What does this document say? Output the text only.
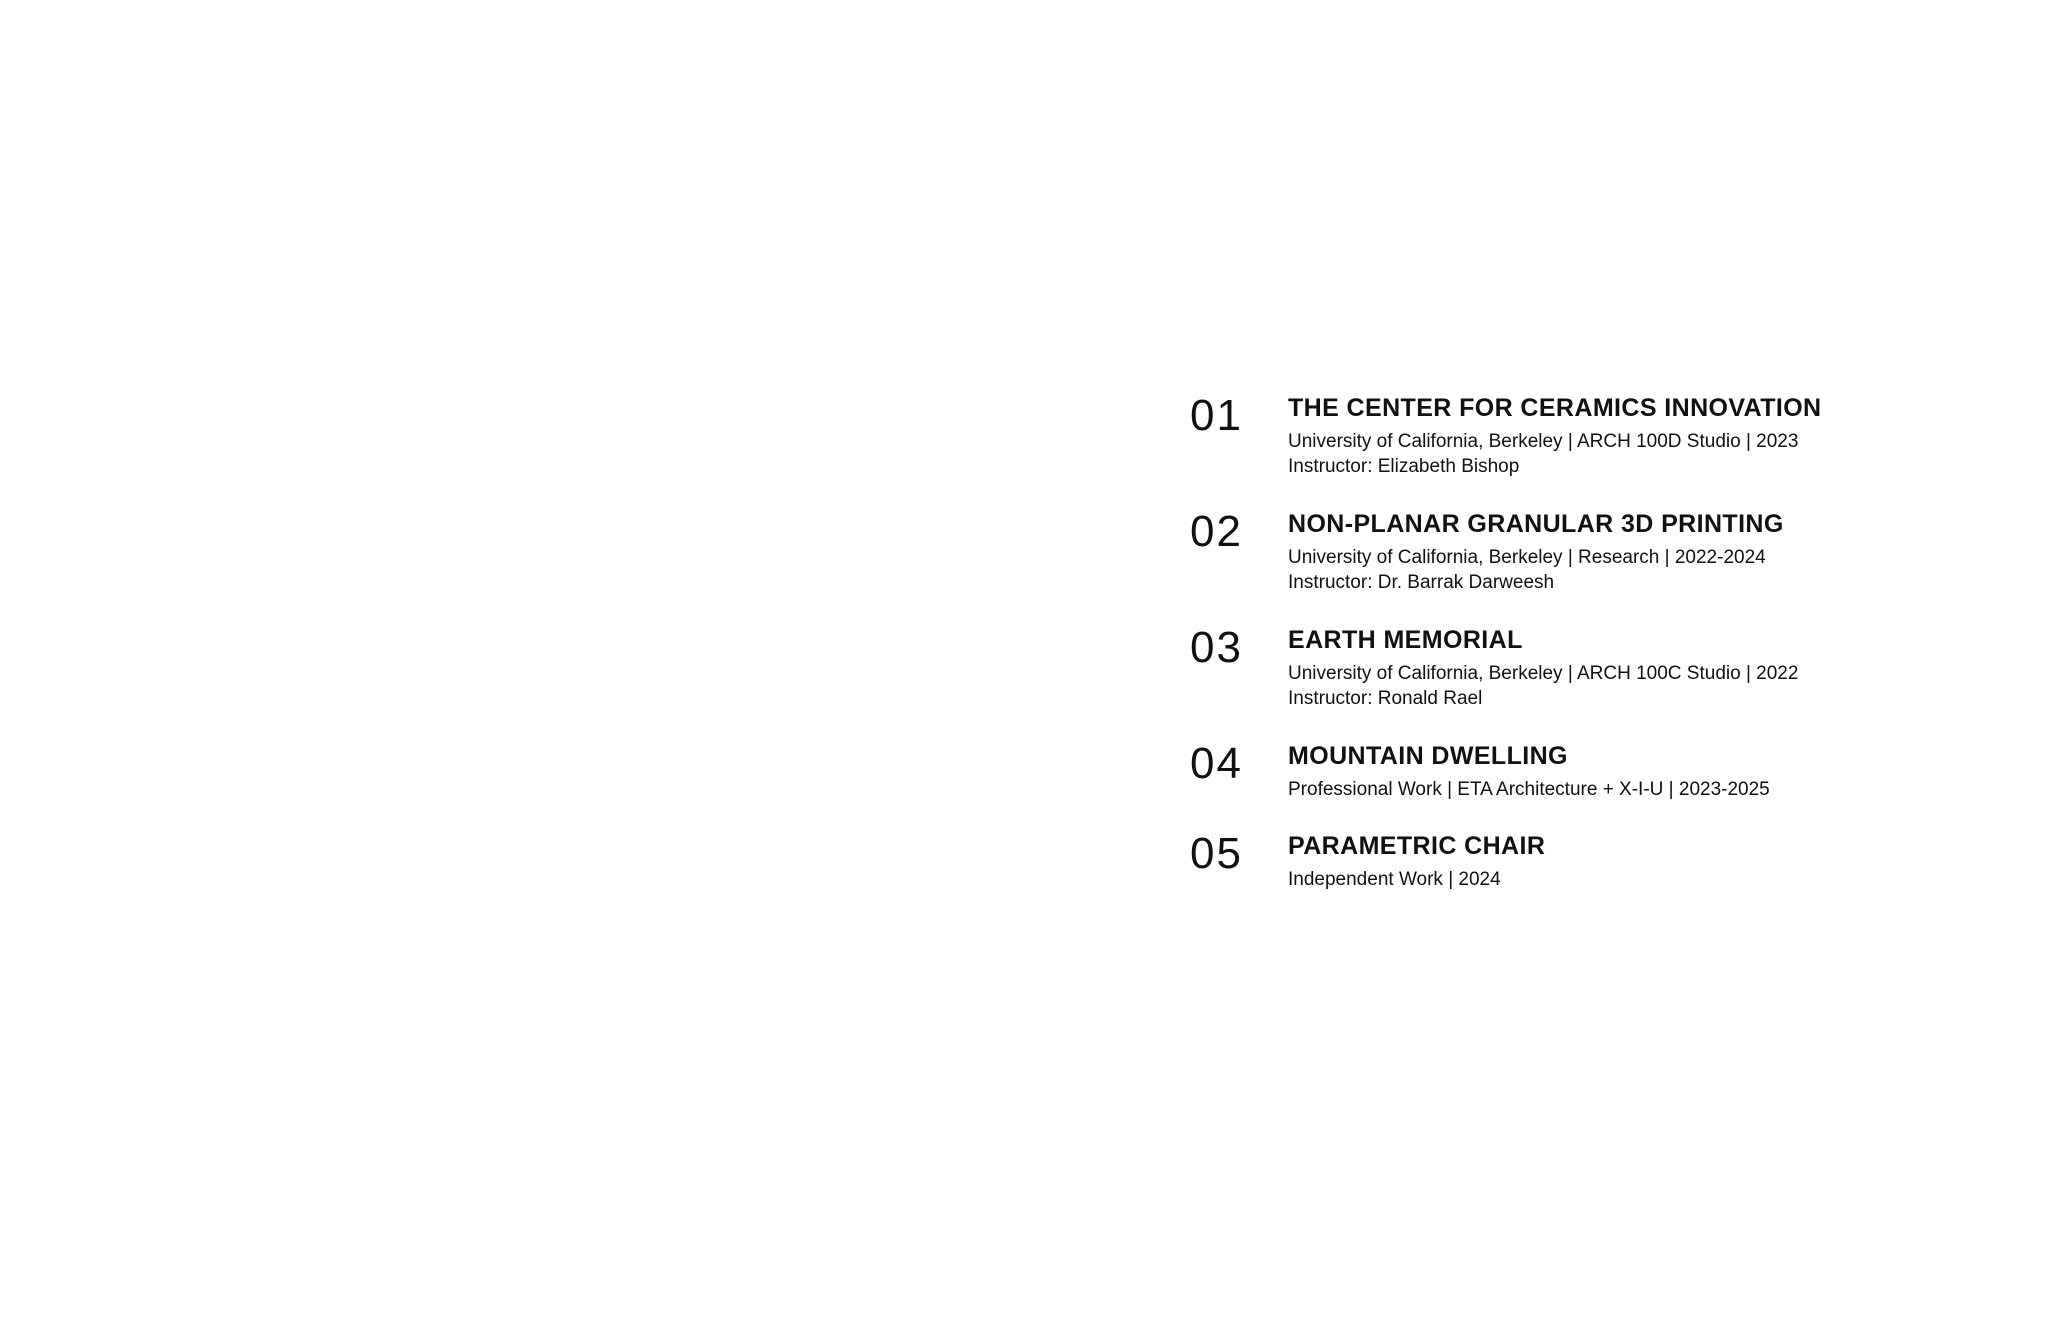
01	THE CENTER FOR CERAMICS INNOVATION
University of California, Berkeley | ARCH 100D Studio | 2023
Instructor: Elizabeth Bishop
02	NON-PLANAR GRANULAR 3D PRINTING
University of California, Berkeley | Research | 2022-2024
Instructor: Dr. Barrak Darweesh
03	EARTH MEMORIAL
University of California, Berkeley | ARCH 100C Studio | 2022
Instructor: Ronald Rael
04	MOUNTAIN DWELLING
Professional Work | ETA Architecture + X-I-U | 2023-2025
05	PARAMETRIC CHAIR
Independent Work | 2024
